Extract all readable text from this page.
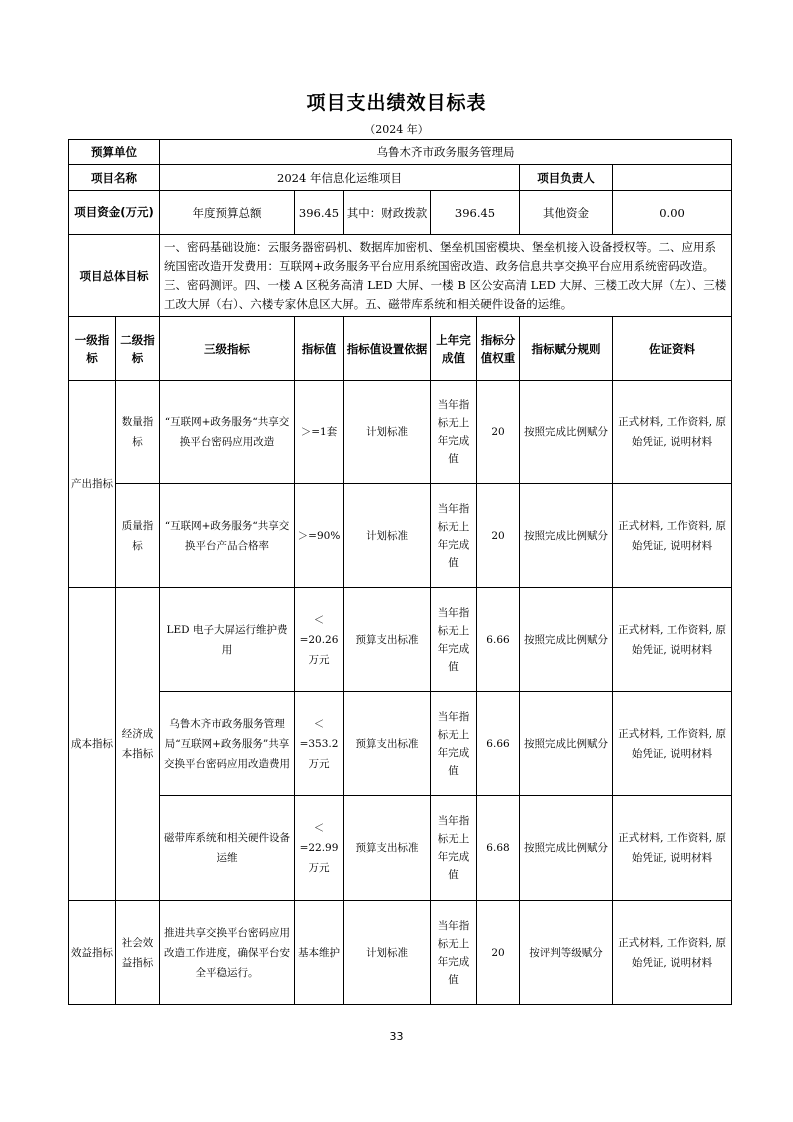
项目支出绩效目标表
（2024 年）
预算单位		乌鲁木齐市政务服务管理局						
项目名称		2024 年信息化运维项目					项目负责人	
项目资金(万元)		年度预算总额	396.45	其中：财政拨款	396.45		其他资金	0.00
项目总体目标		一、密码基础设施：云服务器密码机、数据库加密机、堡垒机国密模块、堡垒机接入设备授权等。二、应用系统国密改造开发费用：互联网+政务服务平台应用系统国密改造、政务信息共享交换平台应用系统密码改造。三、密码测评。四、一楼 A 区税务高清 LED 大屏、一楼 B 区公安高清 LED 大屏、三楼工改大屏（左）、三楼工改大屏（右）、六楼专家休息区大屏。五、磁带库系统和相关硬件设备的运维。						
一级指标	二级指标	三级指标	指标值	指标值设置依据	上年完成值	指标分值权重	指标赋分规则	佐证资料
产出指标	数量指标	“互联网+政务服务“共享交换平台密码应用改造	＞=1套	计划标准	当年指标无上年完成值	20	按照完成比例赋分	正式材料, 工作资料, 原始凭证, 说明材料
	质量指标	“互联网+政务服务“共享交换平台产品合格率	＞=90%	计划标准	当年指标无上年完成值	20	按照完成比例赋分	正式材料, 工作资料, 原始凭证, 说明材料
成本指标	经济成本指标	LED 电子大屏运行维护费用	＜=20.26 万元	预算支出标准	当年指标无上年完成值	6.66	按照完成比例赋分	正式材料, 工作资料, 原始凭证, 说明材料
		乌鲁木齐市政务服务管理局“互联网+政务服务”共享交换平台密码应用改造费用	＜=353.2 万元	预算支出标准	当年指标无上年完成值	6.66	按照完成比例赋分	正式材料, 工作资料, 原始凭证, 说明材料
		磁带库系统和相关硬件设备运维	＜=22.99 万元	预算支出标准	当年指标无上年完成值	6.68	按照完成比例赋分	正式材料, 工作资料, 原始凭证, 说明材料
效益指标	社会效益指标	推进共享交换平台密码应用改造工作进度，确保平台安全平稳运行。	基本维护	计划标准	当年指标无上年完成值	20	按评判等级赋分	正式材料, 工作资料, 原始凭证, 说明材料
33
